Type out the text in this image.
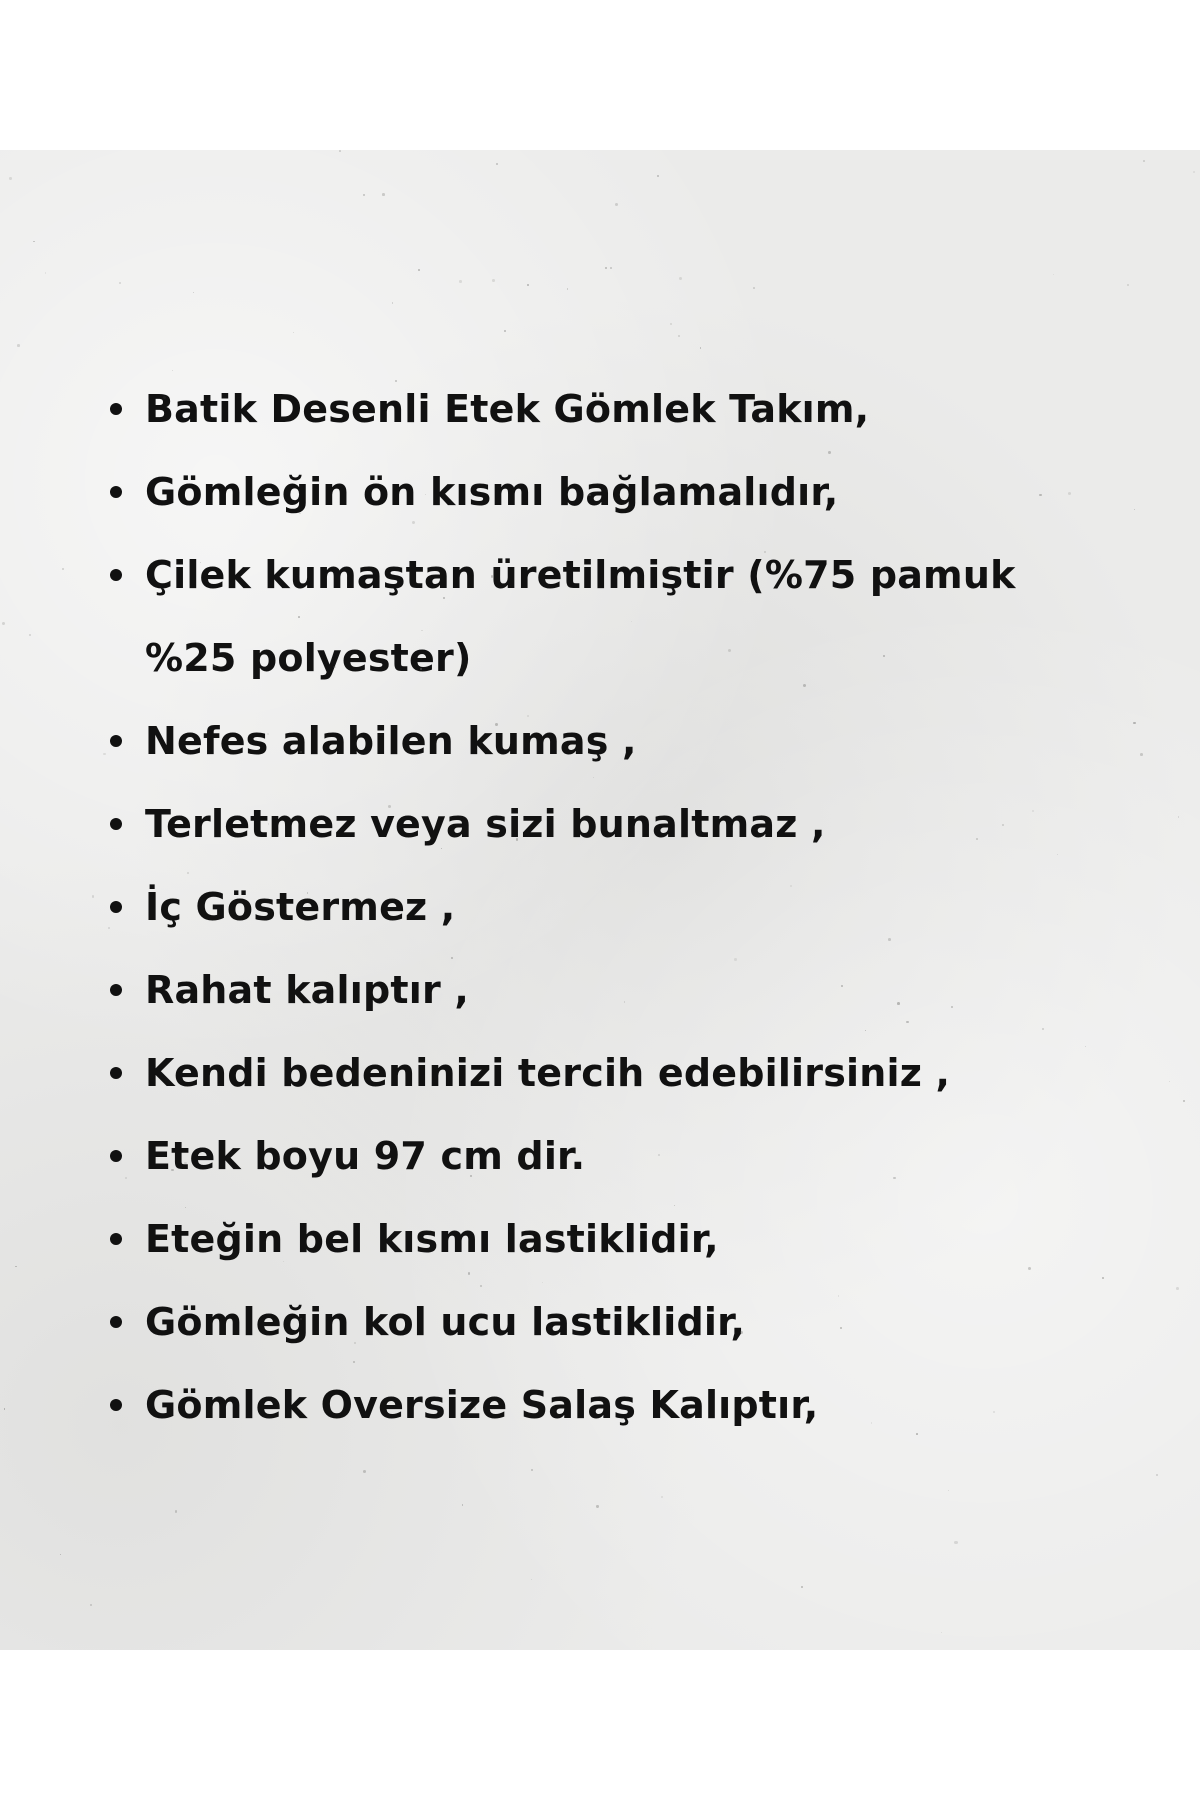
Batik Desenli Etek Gömlek Takım,
Gömleğin ön kısmı bağlamalıdır,
Çilek kumaştan üretilmiştir (%75 pamuk
%25 polyester)
Nefes alabilen kumaş ,
Terletmez veya sizi bunaltmaz ,
İç Göstermez ,
Rahat kalıptır ,
Kendi bedeninizi tercih edebilirsiniz ,
Etek boyu 97 cm dir.
Eteğin bel kısmı lastiklidir,
Gömleğin kol ucu lastiklidir,
Gömlek Oversize Salaş Kalıptır,
